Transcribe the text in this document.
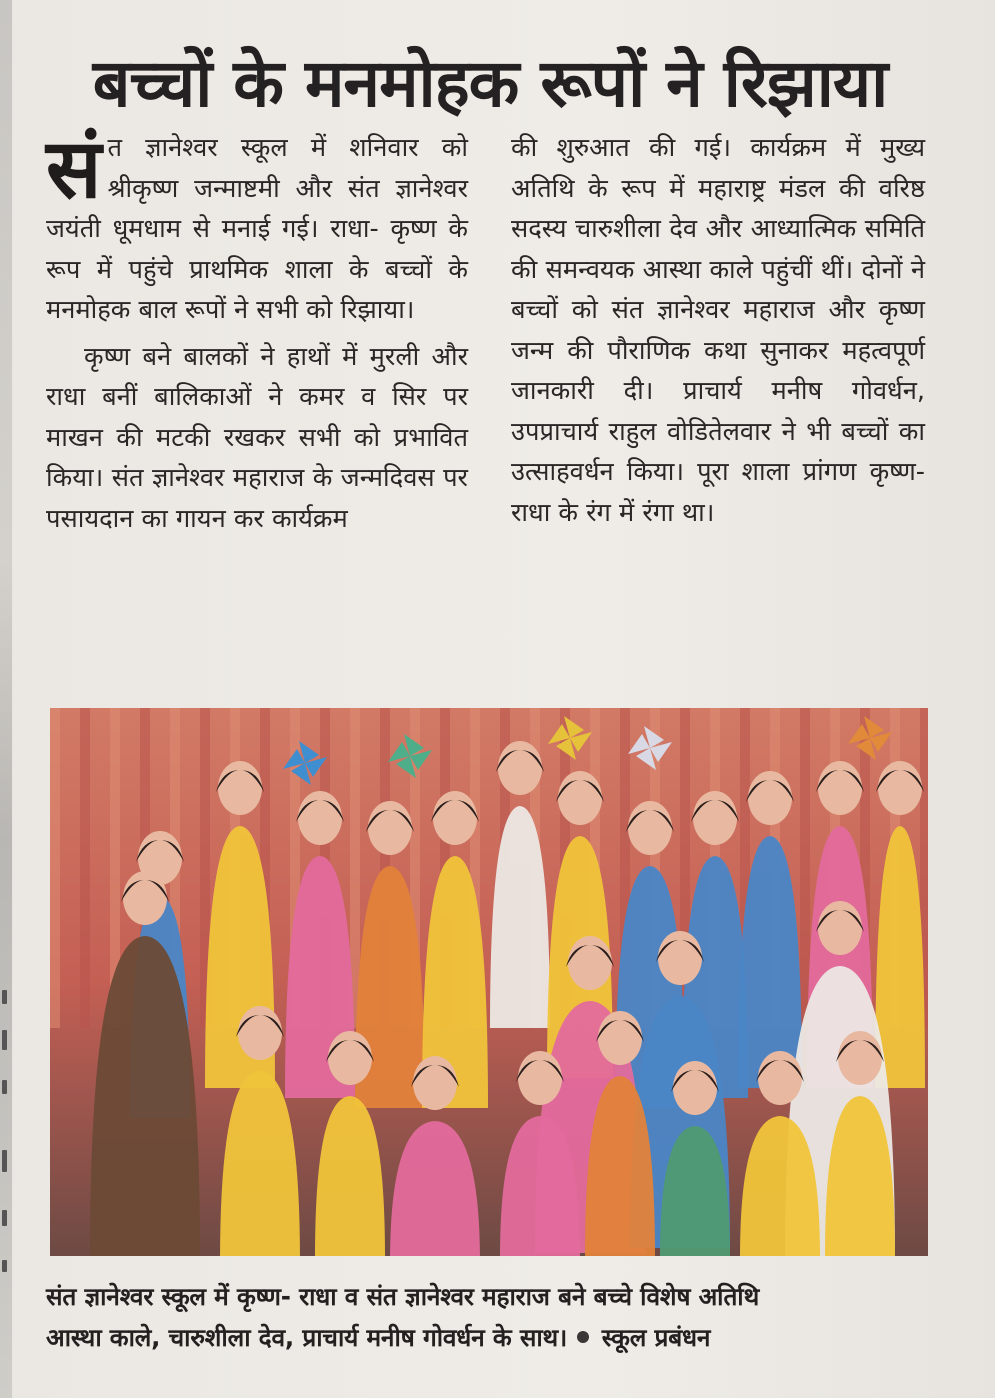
बच्चों के मनमोहक रूपों ने रिझाया

संत ज्ञानेश्वर स्कूल में शनिवार को श्रीकृष्ण जन्माष्टमी और संत ज्ञानेश्वर जयंती धूमधाम से मनाई गई। राधा- कृष्ण के रूप में पहुंचे प्राथमिक शाला के बच्चों के मनमोहक बाल रूपों ने सभी को रिझाया।

कृष्ण बने बालकों ने हाथों में मुरली और राधा बनीं बालिकाओं ने कमर व सिर पर माखन की मटकी रखकर सभी को प्रभावित किया। संत ज्ञानेश्वर महाराज के जन्मदिवस पर पसायदान का गायन कर कार्यक्रम

की शुरुआत की गई। कार्यक्रम में मुख्य अतिथि के रूप में महाराष्ट्र मंडल की वरिष्ठ सदस्य चारुशीला देव और आध्यात्मिक समिति की समन्वयक आस्था काले पहुंचीं थीं। दोनों ने बच्चों को संत ज्ञानेश्वर महाराज और कृष्ण जन्म की पौराणिक कथा सुनाकर महत्वपूर्ण जानकारी दी। प्राचार्य मनीष गोवर्धन, उपप्राचार्य राहुल वोडितेलवार ने भी बच्चों का उत्साहवर्धन किया। पूरा शाला प्रांगण कृष्ण- राधा के रंग में रंगा था।

संत ज्ञानेश्वर स्कूल में कृष्ण- राधा व संत ज्ञानेश्वर महाराज बने बच्चे विशेष अतिथि

आस्था काले, चारुशीला देव, प्राचार्य मनीष गोवर्धन के साथ। स्कूल प्रबंधन
